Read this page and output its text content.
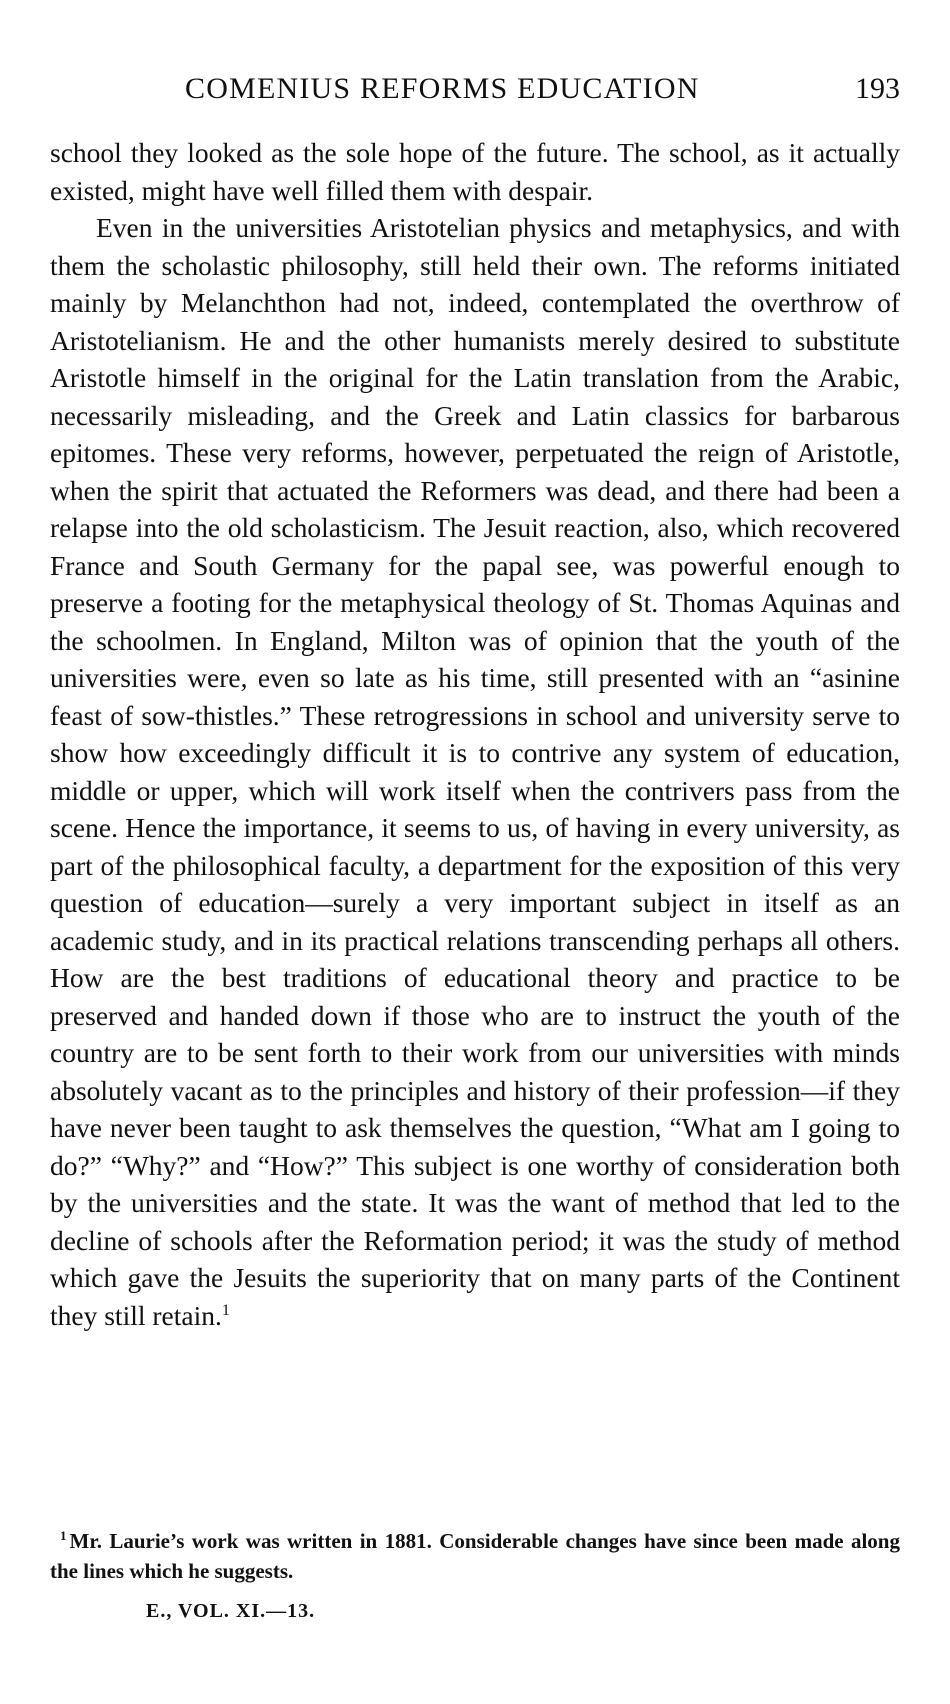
COMENIUS REFORMS EDUCATION	193

school they looked as the sole hope of the future. The school, as it actually existed, might have well filled them with despair.

Even in the universities Aristotelian physics and metaphysics, and with them the scholastic philosophy, still held their own. The reforms initiated mainly by Melanchthon had not, indeed, contemplated the overthrow of Aristotelianism. He and the other humanists merely desired to substitute Aristotle himself in the original for the Latin translation from the Arabic, necessarily misleading, and the Greek and Latin classics for barbarous epitomes. These very reforms, however, perpetuated the reign of Aristotle, when the spirit that actuated the Reformers was dead, and there had been a relapse into the old scholasticism. The Jesuit reaction, also, which recovered France and South Germany for the papal see, was powerful enough to preserve a footing for the metaphysical theology of St. Thomas Aquinas and the schoolmen. In England, Milton was of opinion that the youth of the universities were, even so late as his time, still presented with an “asinine feast of sow-thistles.” These retrogressions in school and university serve to show how exceedingly difficult it is to contrive any system of education, middle or upper, which will work itself when the contrivers pass from the scene. Hence the importance, it seems to us, of having in every university, as part of the philosophical faculty, a department for the exposition of this very question of education—surely a very important subject in itself as an academic study, and in its practical relations transcending perhaps all others. How are the best traditions of educational theory and practice to be preserved and handed down if those who are to instruct the youth of the country are to be sent forth to their work from our universities with minds absolutely vacant as to the principles and history of their profession—if they have never been taught to ask themselves the question, “What am I going to do?” “Why?” and “How?” This subject is one worthy of consideration both by the universities and the state. It was the want of method that led to the decline of schools after the Reformation period; it was the study of method which gave the Jesuits the superiority that on many parts of the Continent they still retain.$^1$

$^1$ Mr. Laurie’s work was written in 1881. Considerable changes have since been made along the lines which he suggests.
E., VOL. XI.—13.
